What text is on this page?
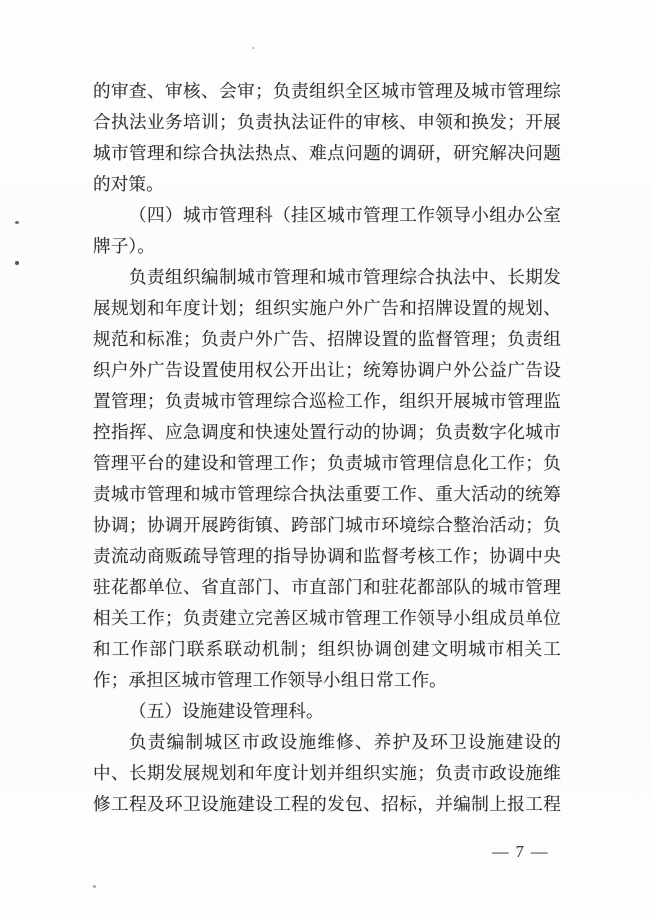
的审查、审核、会审；负责组织全区城市管理及城市管理综
合执法业务培训；负责执法证件的审核、申领和换发；开展
城市管理和综合执法热点、难点问题的调研，研究解决问题
的对策。
（四）城市管理科（挂区城市管理工作领导小组办公室
牌子）。
负责组织编制城市管理和城市管理综合执法中、长期发
展规划和年度计划；组织实施户外广告和招牌设置的规划、
规范和标准；负责户外广告、招牌设置的监督管理；负责组
织户外广告设置使用权公开出让；统筹协调户外公益广告设
置管理；负责城市管理综合巡检工作，组织开展城市管理监
控指挥、应急调度和快速处置行动的协调；负责数字化城市
管理平台的建设和管理工作；负责城市管理信息化工作；负
责城市管理和城市管理综合执法重要工作、重大活动的统筹
协调；协调开展跨街镇、跨部门城市环境综合整治活动；负
责流动商贩疏导管理的指导协调和监督考核工作；协调中央
驻花都单位、省直部门、市直部门和驻花都部队的城市管理
相关工作；负责建立完善区城市管理工作领导小组成员单位
和工作部门联系联动机制；组织协调创建文明城市相关工
作；承担区城市管理工作领导小组日常工作。
（五）设施建设管理科。
负责编制城区市政设施维修、养护及环卫设施建设的
中、长期发展规划和年度计划并组织实施；负责市政设施维
修工程及环卫设施建设工程的发包、招标，并编制上报工程
— 7 —
